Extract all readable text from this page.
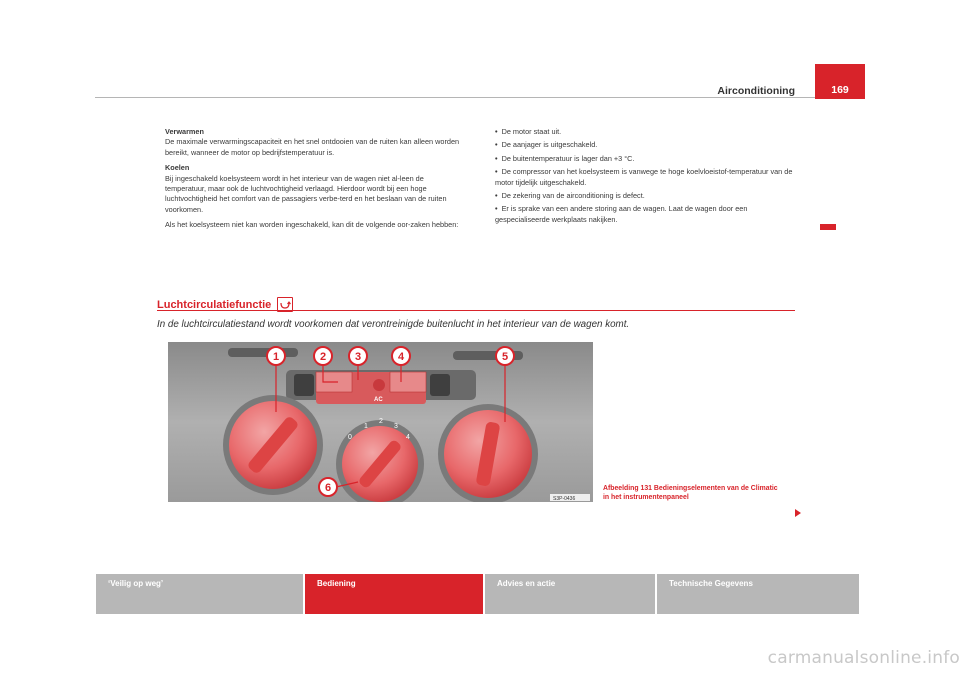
Airconditioning	169

Verwarmen

De maximale verwarmingscapaciteit en het snel ontdooien van de ruiten kan alleen worden bereikt, wanneer de motor op bedrijfstemperatuur is.

Koelen

Bij ingeschakeld koelsysteem wordt in het interieur van de wagen niet al-leen de temperatuur, maar ook de luchtvochtigheid verlaagd. Hierdoor wordt bij een hoge luchtvochtigheid het comfort van de passagiers verbe-terd en het beslaan van de ruiten voorkomen.

Als het koelsysteem niet kan worden ingeschakeld, kan dit de volgende oor-zaken hebben:

• De motor staat uit.
• De aanjager is uitgeschakeld.
• De buitentemperatuur is lager dan +3 °C.
• De compressor van het koelsysteem is vanwege te hoge koelvloeistof-temperatuur van de motor tijdelijk uitgeschakeld.
• De zekering van de airconditioning is defect.
• Er is sprake van een andere storing aan de wagen. Laat de wagen door een gespecialiseerde werkplaats nakijken.
Luchtcirculatiefunctie
In de luchtcirculatiestand wordt voorkomen dat verontreinigde buitenlucht in het interieur van de wagen komt.
AC
0
1
2
3
4
1	2	3	4	5
6
S3P-0436
Afbeelding 131 Bedieningselementen van de Climatic
in het instrumentenpaneel
‘Veilig op weg’	Bediening	Advies en actie	Technische Gegevens
carmanualsonline.info
